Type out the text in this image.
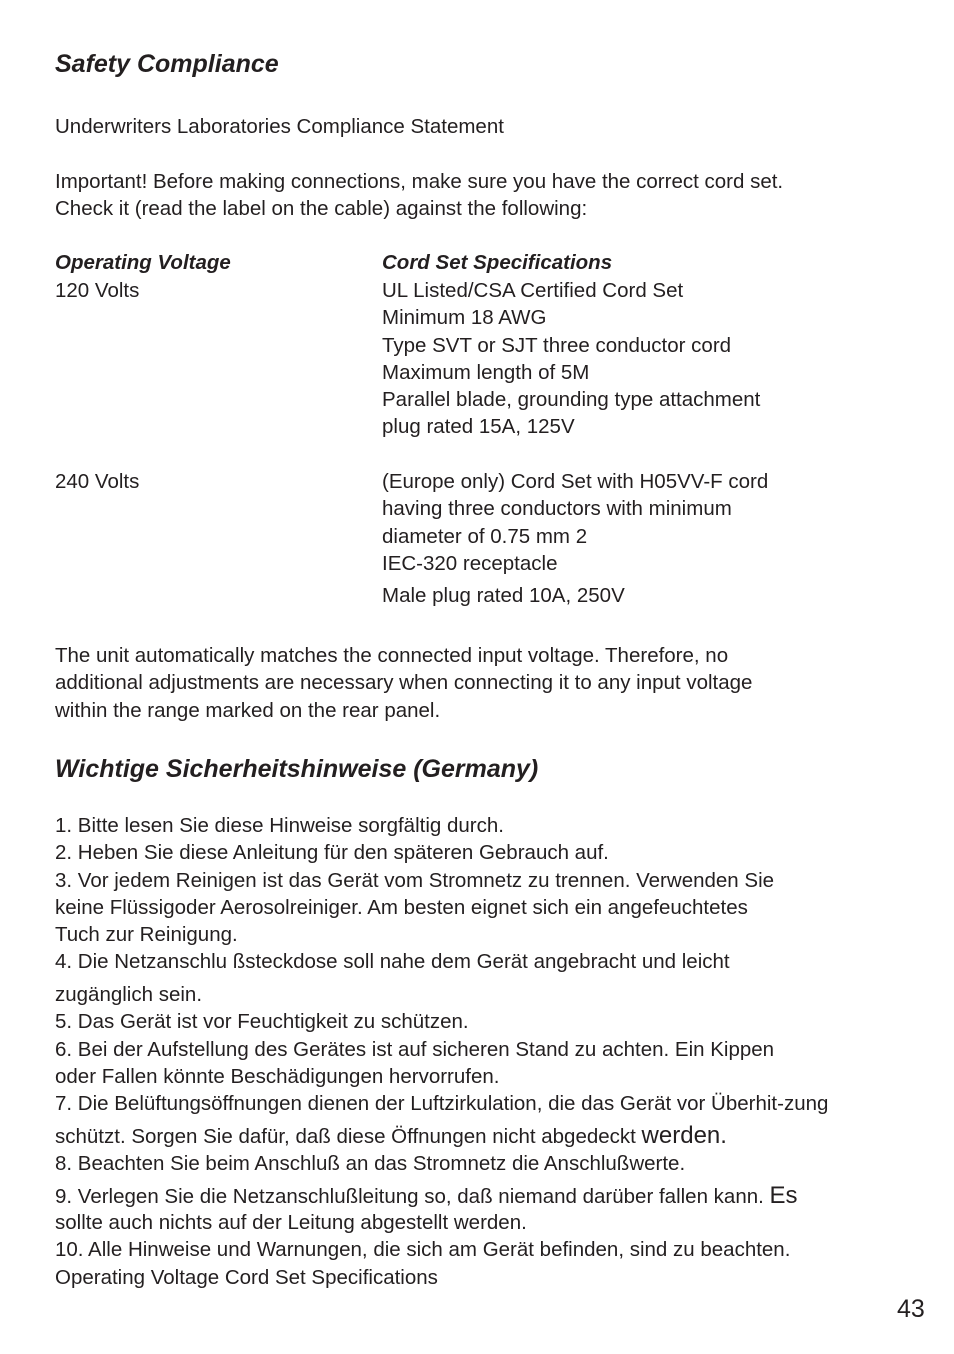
Safety Compliance
Underwriters Laboratories Compliance Statement
Important! Before making connections, make sure you have the correct cord set.
Check it (read the label on the cable) against the following:
Operating Voltage	Cord Set Specifications
120 Volts	UL Listed/CSA Certified Cord Set
Minimum 18 AWG
Type SVT or SJT three conductor cord
Maximum length of 5M
Parallel blade, grounding type attachment
plug rated 15A, 125V
240 Volts	(Europe only) Cord Set with H05VV-F cord
having three conductors with minimum
diameter of 0.75 mm 2
IEC-320 receptacle
Male plug rated 10A, 250V
The unit automatically matches the connected input voltage. Therefore, no
additional adjustments are necessary when connecting it to any input voltage
within the range marked on the rear panel.
Wichtige Sicherheitshinweise (Germany)
1. Bitte lesen Sie diese Hinweise sorgfältig durch.
2. Heben Sie diese Anleitung für den späteren Gebrauch auf.
3. Vor jedem Reinigen ist das Gerät vom Stromnetz zu trennen. Verwenden Sie
keine Flüssigoder Aerosolreiniger. Am besten eignet sich ein angefeuchtetes
Tuch zur Reinigung.
4. Die Netzanschlu ßsteckdose soll nahe dem Gerät angebracht und leicht
zugänglich sein.
5. Das Gerät ist vor Feuchtigkeit zu schützen.
6. Bei der Aufstellung des Gerätes ist auf sicheren Stand zu achten. Ein Kippen
oder Fallen könnte Beschädigungen hervorrufen.
7. Die Belüftungsöffnungen dienen der Luftzirkulation, die das Gerät vor Überhit-zung
schützt. Sorgen Sie dafür, daß diese Öffnungen nicht abgedeckt werden.
8. Beachten Sie beim Anschluß an das Stromnetz die Anschlußwerte.
9. Verlegen Sie die Netzanschlußleitung so, daß niemand darüber fallen kann. Es
sollte auch nichts auf der Leitung abgestellt werden.
10. Alle Hinweise und Warnungen, die sich am Gerät befinden, sind zu beachten.
Operating Voltage Cord Set Specifications
43
